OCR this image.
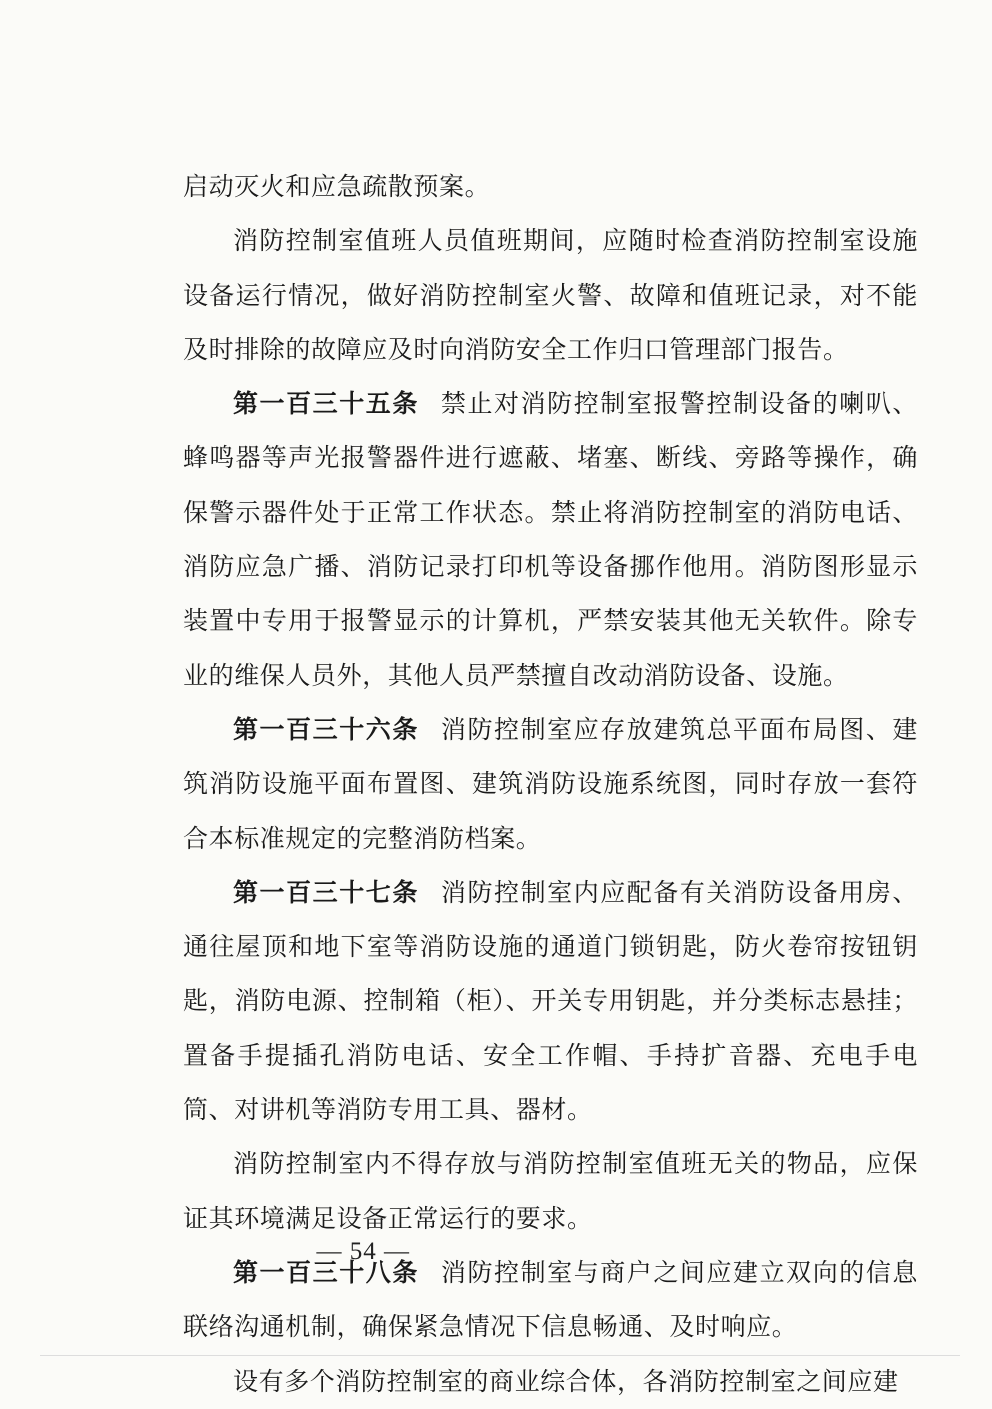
启动灭火和应急疏散预案。

消防控制室值班人员值班期间，应随时检查消防控制室设施设备运行情况，做好消防控制室火警、故障和值班记录，对不能及时排除的故障应及时向消防安全工作归口管理部门报告。

第一百三十五条 禁止对消防控制室报警控制设备的喇叭、蜂鸣器等声光报警器件进行遮蔽、堵塞、断线、旁路等操作，确保警示器件处于正常工作状态。禁止将消防控制室的消防电话、消防应急广播、消防记录打印机等设备挪作他用。消防图形显示装置中专用于报警显示的计算机，严禁安装其他无关软件。除专业的维保人员外，其他人员严禁擅自改动消防设备、设施。

第一百三十六条 消防控制室应存放建筑总平面布局图、建筑消防设施平面布置图、建筑消防设施系统图，同时存放一套符合本标准规定的完整消防档案。

第一百三十七条 消防控制室内应配备有关消防设备用房、通往屋顶和地下室等消防设施的通道门锁钥匙，防火卷帘按钮钥匙，消防电源、控制箱（柜）、开关专用钥匙，并分类标志悬挂；置备手提插孔消防电话、安全工作帽、手持扩音器、充电手电筒、对讲机等消防专用工具、器材。

消防控制室内不得存放与消防控制室值班无关的物品，应保证其环境满足设备正常运行的要求。

第一百三十八条 消防控制室与商户之间应建立双向的信息联络沟通机制，确保紧急情况下信息畅通、及时响应。

设有多个消防控制室的商业综合体，各消防控制室之间应建

— 54 —
